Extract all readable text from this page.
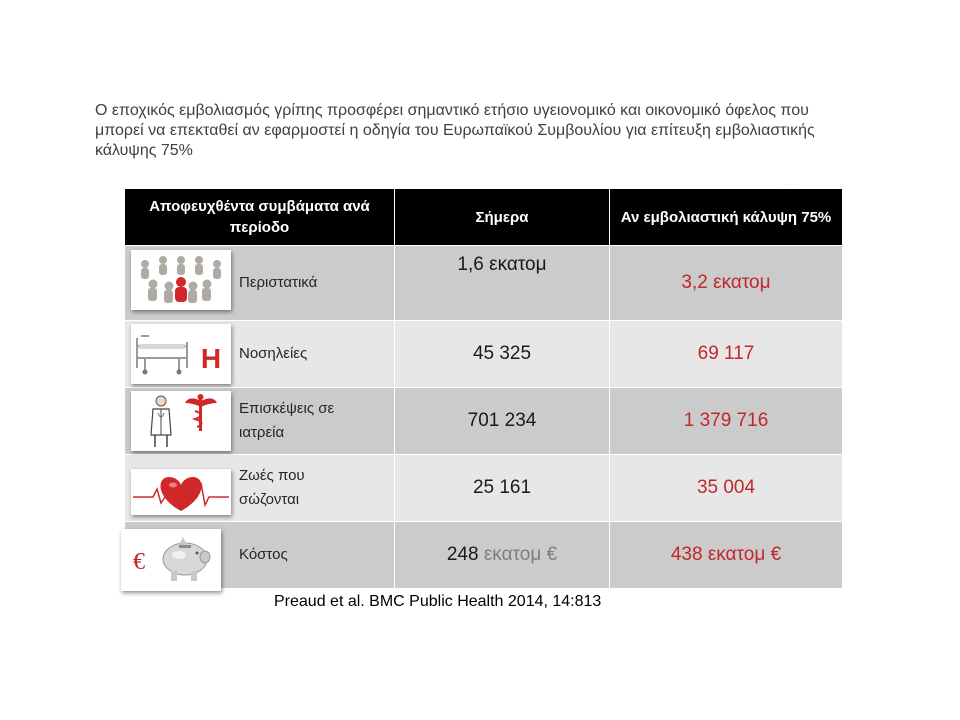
Ο εποχικός εμβολιασμός γρίπης προσφέρει σημαντικό ετήσιο υγειονομικό και οικονομικό όφελος που μπορεί να επεκταθεί αν εφαρμοστεί η οδηγία του Ευρωπαϊκού Συμβουλίου για επίτευξη εμβολιαστικής κάλυψης 75%

· · · · ·
Αποφευχθέντα συμβάματα ανά περίοδο	Σήμερα	Αν εμβολιαστική κάλυψη 75%

Περιστατικά	1,6 εκατομ	3,2 εκατομ

H Νοσηλείες	45 325	69 117

Επισκέψεις σε ιατρεία	701 234	1 379 716

Ζωές που σώζονται	25 161	35 004

€ Κόστος	248 εκατομ €	438 εκατομ €
Preaud et al. BMC Public Health 2014, 14:813
